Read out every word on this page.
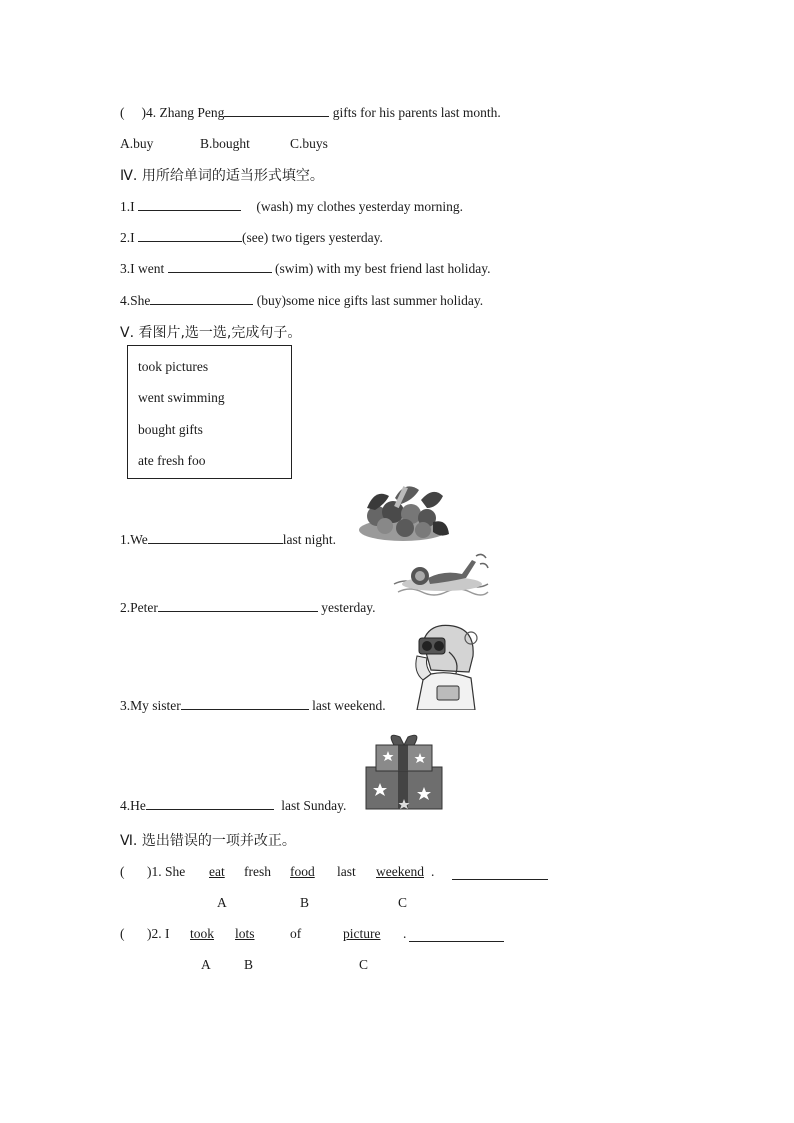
( )4. Zhang Peng	gifts for his parents last month.
A.buy	B.bought	C.buys
Ⅳ. 用所给单词的适当形式填空。
1.I	(wash) my clothes yesterday morning.
2.I	(see) two tigers yesterday.
3.I went	(swim) with my best friend last holiday.
4.She	(buy)some nice gifts last summer holiday.
Ⅴ. 看图片,选一选,完成句子。
took pictures
went swimming
bought gifts
ate fresh foo
1.We	last night.
2.Peter	yesterday.
3.My sister	last weekend.
4.He	last Sunday.
Ⅵ. 选出错误的一项并改正。
( )1. She eat fresh food last weekend .
A	B	C
( )2. I took lots	of	picture .
A B	C
